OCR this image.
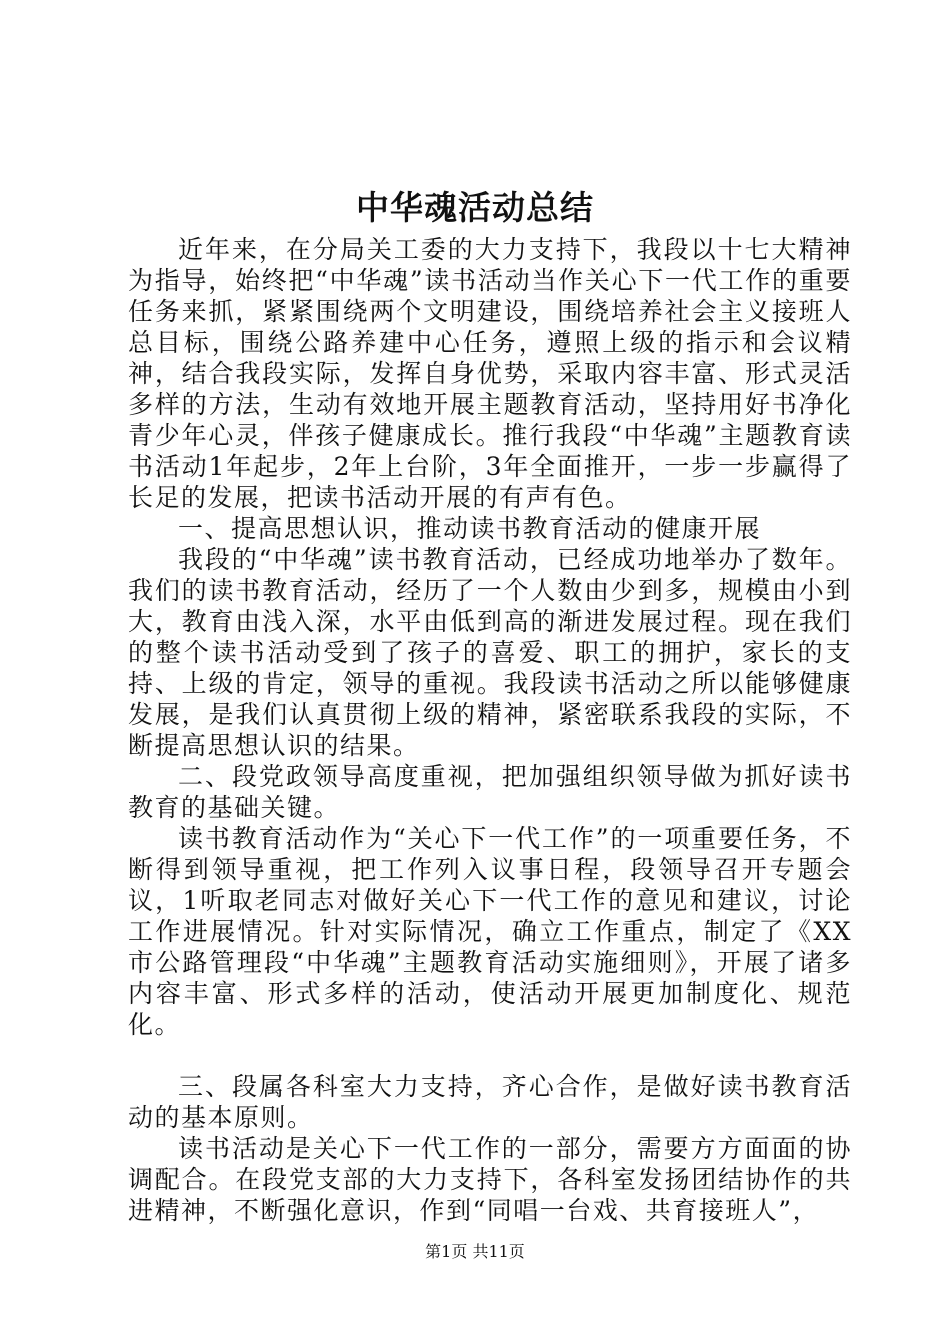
中华魂活动总结

近年来，在分局关工委的大力支持下，我段以十七大精神为指导，始终把“中华魂”读书活动当作关心下一代工作的重要任务来抓，紧紧围绕两个文明建设，围绕培养社会主义接班人总目标，围绕公路养建中心任务，遵照上级的指示和会议精神，结合我段实际，发挥自身优势，采取内容丰富、形式灵活多样的方法，生动有效地开展主题教育活动，坚持用好书净化青少年心灵，伴孩子健康成长。推行我段“中华魂”主题教育读书活动1年起步，2年上台阶，3年全面推开，一步一步赢得了长足的发展，把读书活动开展的有声有色。

一、提高思想认识，推动读书教育活动的健康开展

我段的“中华魂”读书教育活动，已经成功地举办了数年。我们的读书教育活动，经历了一个人数由少到多，规模由小到大，教育由浅入深，水平由低到高的渐进发展过程。现在我们的整个读书活动受到了孩子的喜爱、职工的拥护，家长的支持、上级的肯定，领导的重视。我段读书活动之所以能够健康发展，是我们认真贯彻上级的精神，紧密联系我段的实际，不断提高思想认识的结果。

二、段党政领导高度重视，把加强组织领导做为抓好读书教育的基础关键。

读书教育活动作为“关心下一代工作”的一项重要任务，不断得到领导重视，把工作列入议事日程，段领导召开专题会议，1听取老同志对做好关心下一代工作的意见和建议，讨论工作进展情况。针对实际情况，确立工作重点，制定了《XX市公路管理段“中华魂”主题教育活动实施细则》，开展了诸多内容丰富、形式多样的活动，使活动开展更加制度化、规范化。

三、段属各科室大力支持，齐心合作，是做好读书教育活动的基本原则。

读书活动是关心下一代工作的一部分，需要方方面面的协调配合。在段党支部的大力支持下，各科室发扬团结协作的共进精神，不断强化意识，作到“同唱一台戏、共育接班人”，

第1页 共11页
